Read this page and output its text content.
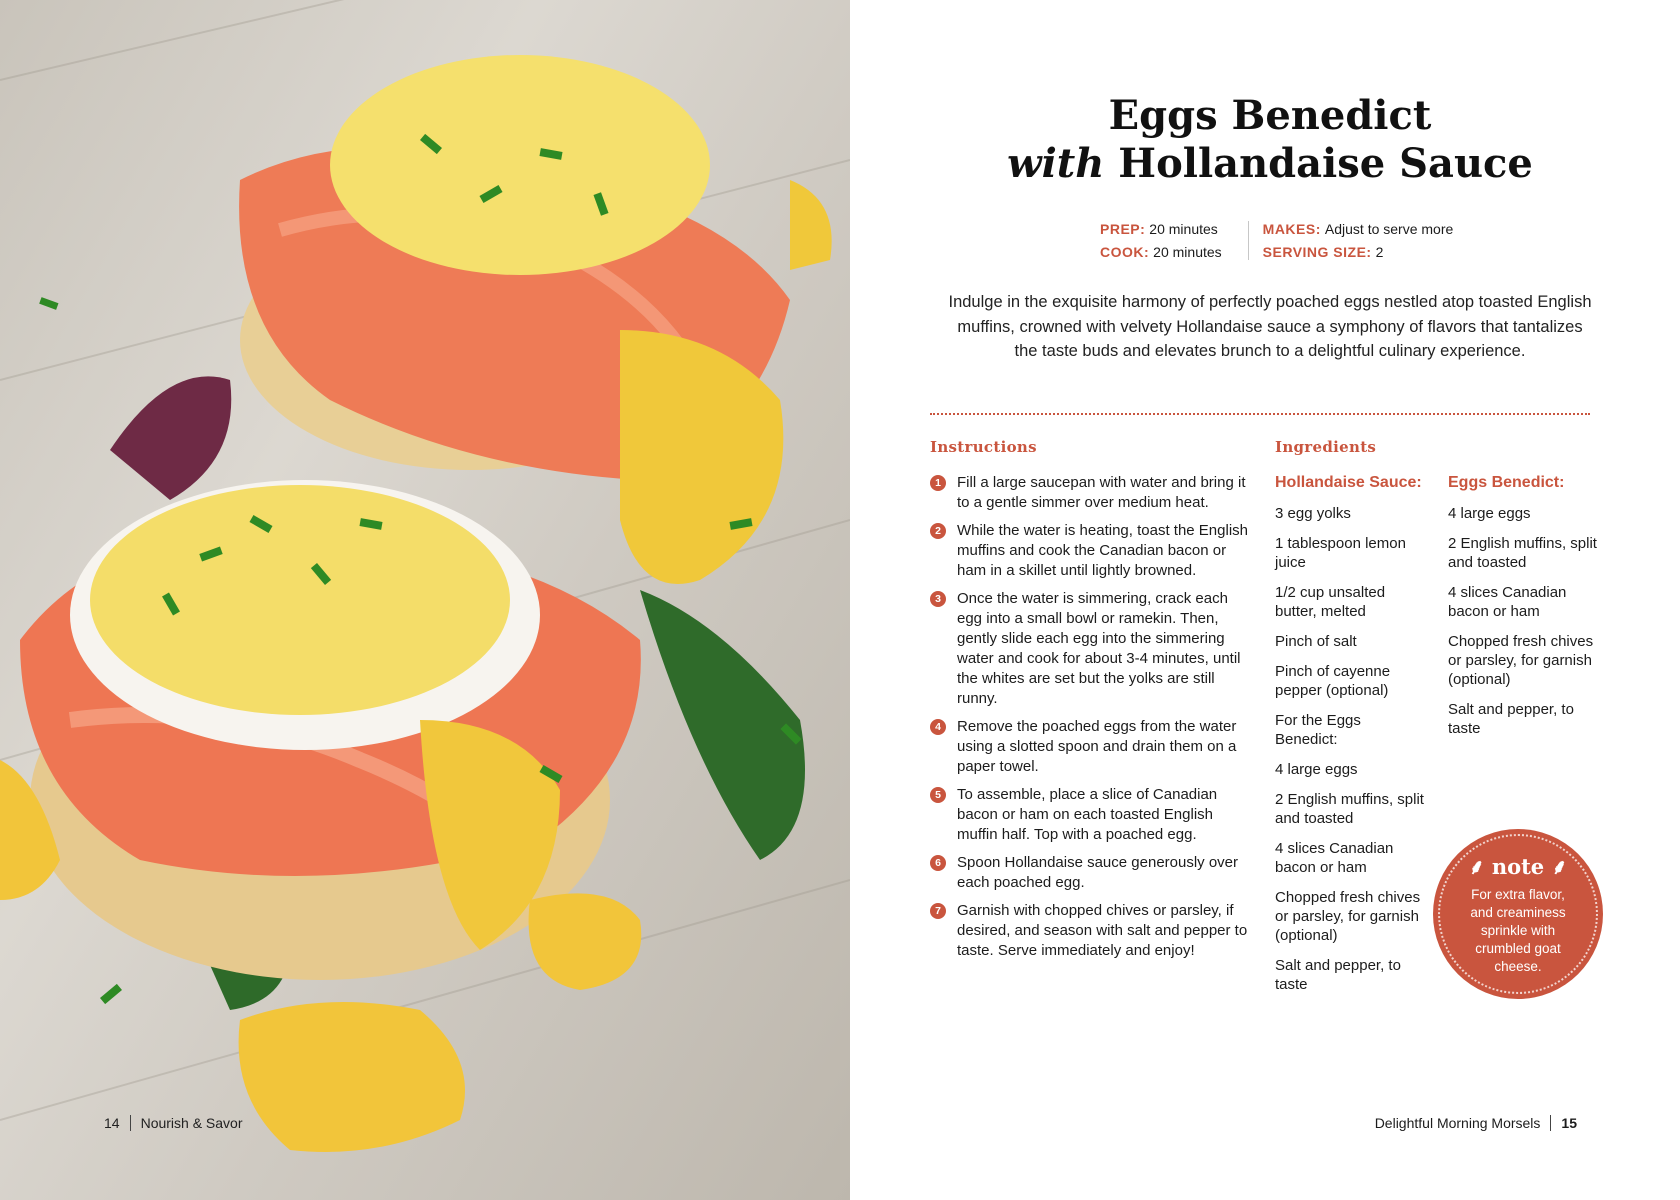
14 Nourish & Savor
Eggs Benedict
with Hollandaise Sauce
PREP: 20 minutes
COOK: 20 minutes
MAKES: Adjust to serve more
SERVING SIZE: 2
Indulge in the exquisite harmony of perfectly poached eggs nestled atop toasted English muffins, crowned with velvety Hollandaise sauce a symphony of flavors that tantalizes the taste buds and elevates brunch to a delightful culinary experience.
Instructions	Ingredients
1	Fill a large saucepan with water and bring it to a gentle simmer over medium heat.
2	While the water is heating, toast the English muffins and cook the Canadian bacon or ham in a skillet until lightly browned.
3	Once the water is simmering, crack each egg into a small bowl or ramekin. Then, gently slide each egg into the simmering water and cook for about 3-4 minutes, until the whites are set but the yolks are still runny.
4	Remove the poached eggs from the water using a slotted spoon and drain them on a paper towel.
5	To assemble, place a slice of Canadian bacon or ham on each toasted English muffin half. Top with a poached egg.
6	Spoon Hollandaise sauce generously over each poached egg.
7	Garnish with chopped chives or parsley, if desired, and season with salt and pepper to taste. Serve immediately and enjoy!
Hollandaise Sauce:
3 egg yolks
1 tablespoon lemon juice
1/2 cup unsalted butter, melted
Pinch of salt
Pinch of cayenne pepper (optional)
For the Eggs Benedict:
4 large eggs
2 English muffins, split and toasted
4 slices Canadian bacon or ham
Chopped fresh chives or parsley, for garnish (optional)
Salt and pepper, to taste
Eggs Benedict:
4 large eggs
2 English muffins, split and toasted
4 slices Canadian bacon or ham
Chopped fresh chives or parsley, for garnish (optional)
Salt and pepper, to taste
⸙ note ⸙
For extra flavor, and creaminess sprinkle with crumbled goat cheese.
Delightful Morning Morsels 15
